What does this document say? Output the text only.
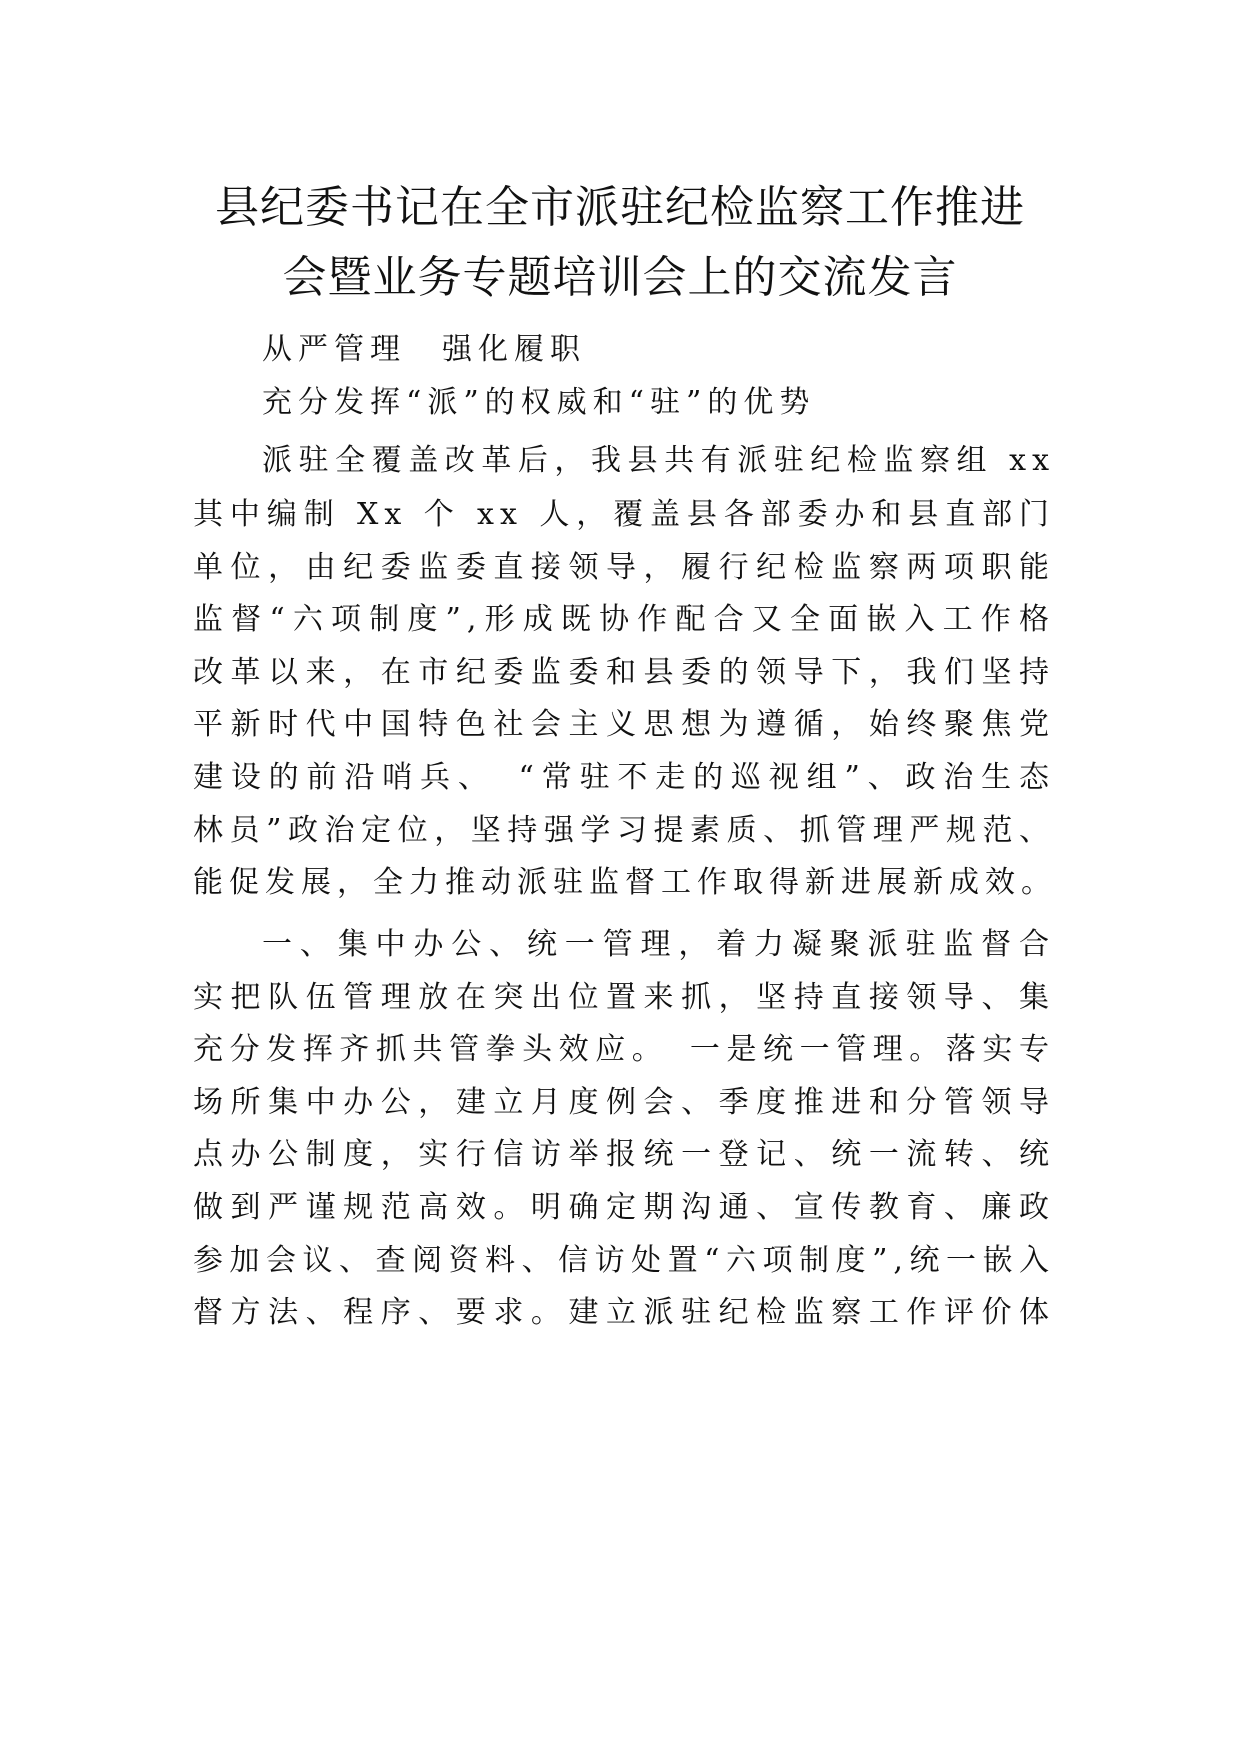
县纪委书记在全市派驻纪检监察工作推进
会暨业务专题培训会上的交流发言
从严管理　强化履职
充分发挥“派”的权威和“驻”的优势
派驻全覆盖改革后，我县共有派驻纪检监察组 xx
其中编制 Xx 个 xx 人，覆盖县各部委办和县直部门
单位，由纪委监委直接领导，履行纪检监察两项职能
监督“六项制度”,形成既协作配合又全面嵌入工作格
改革以来，在市纪委监委和县委的领导下，我们坚持
平新时代中国特色社会主义思想为遵循，始终聚焦党
建设的前沿哨兵、　“常驻不走的巡视组”、政治生态
林员”政治定位，坚持强学习提素质、抓管理严规范、
能促发展，全力推动派驻监督工作取得新进展新成效。
一、集中办公、统一管理，着力凝聚派驻监督合
实把队伍管理放在突出位置来抓，坚持直接领导、集
充分发挥齐抓共管拳头效应。　一是统一管理。落实专
场所集中办公，建立月度例会、季度推进和分管领导
点办公制度，实行信访举报统一登记、统一流转、统
做到严谨规范高效。明确定期沟通、宣传教育、廉政
参加会议、查阅资料、信访处置“六项制度”,统一嵌入
督方法、程序、要求。建立派驻纪检监察工作评价体
